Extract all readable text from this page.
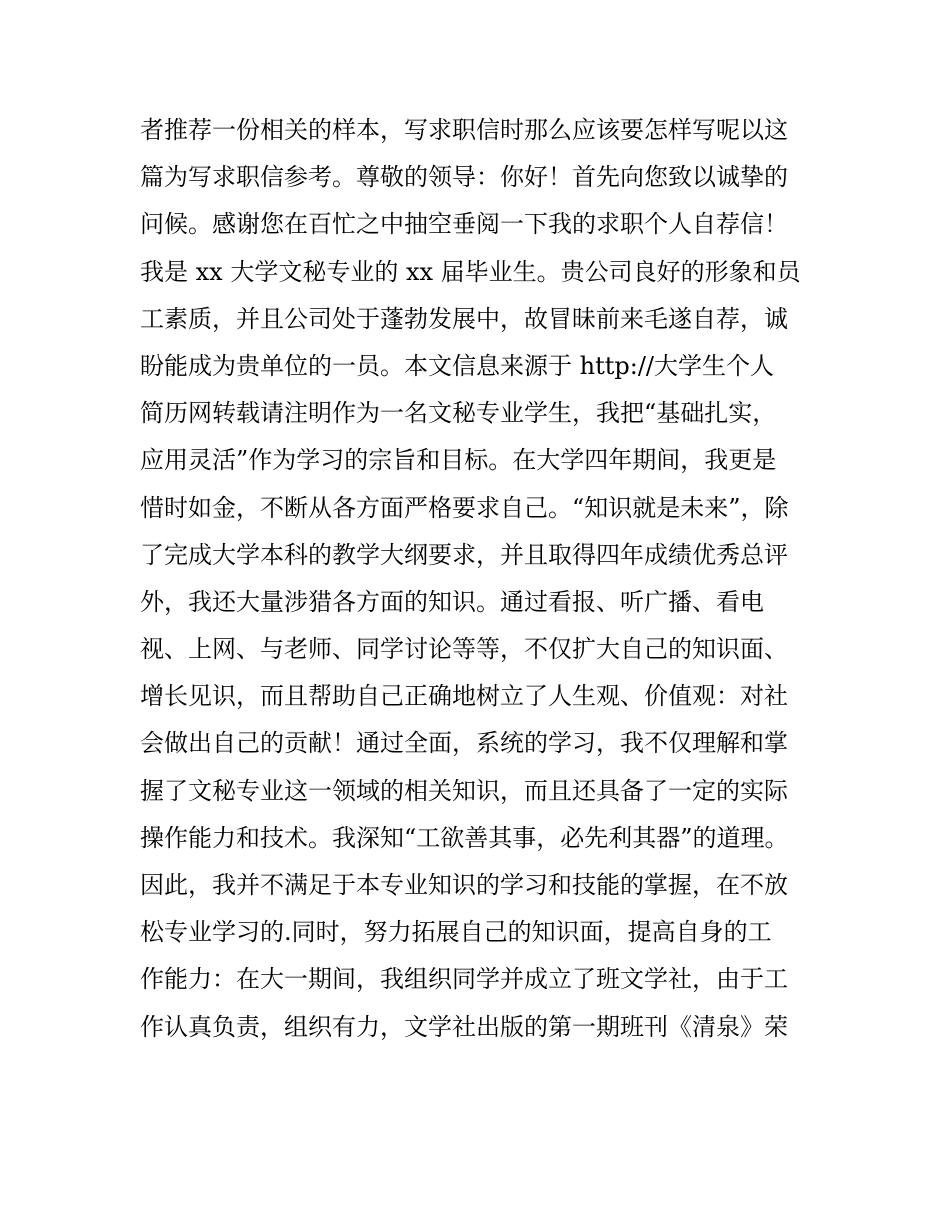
者推荐一份相关的样本，写求职信时那么应该要怎样写呢以这
篇为写求职信参考。尊敬的领导：你好！首先向您致以诚挚的
问候。感谢您在百忙之中抽空垂阅一下我的求职个人自荐信！
我是 xx 大学文秘专业的 xx 届毕业生。贵公司良好的形象和员
工素质，并且公司处于蓬勃发展中，故冒昧前来毛遂自荐，诚
盼能成为贵单位的一员。本文信息来源于 http://大学生个人
简历网转载请注明作为一名文秘专业学生，我把“基础扎实，
应用灵活”作为学习的宗旨和目标。在大学四年期间，我更是
惜时如金，不断从各方面严格要求自己。“知识就是未来”，除
了完成大学本科的教学大纲要求，并且取得四年成绩优秀总评
外，我还大量涉猎各方面的知识。通过看报、听广播、看电
视、上网、与老师、同学讨论等等，不仅扩大自己的知识面、
增长见识，而且帮助自己正确地树立了人生观、价值观：对社
会做出自己的贡献！通过全面，系统的学习，我不仅理解和掌
握了文秘专业这一领域的相关知识，而且还具备了一定的实际
操作能力和技术。我深知“工欲善其事，必先利其器”的道理。
因此，我并不满足于本专业知识的学习和技能的掌握，在不放
松专业学习的.同时，努力拓展自己的知识面，提高自身的工
作能力：在大一期间，我组织同学并成立了班文学社，由于工
作认真负责，组织有力，文学社出版的第一期班刊《清泉》荣
